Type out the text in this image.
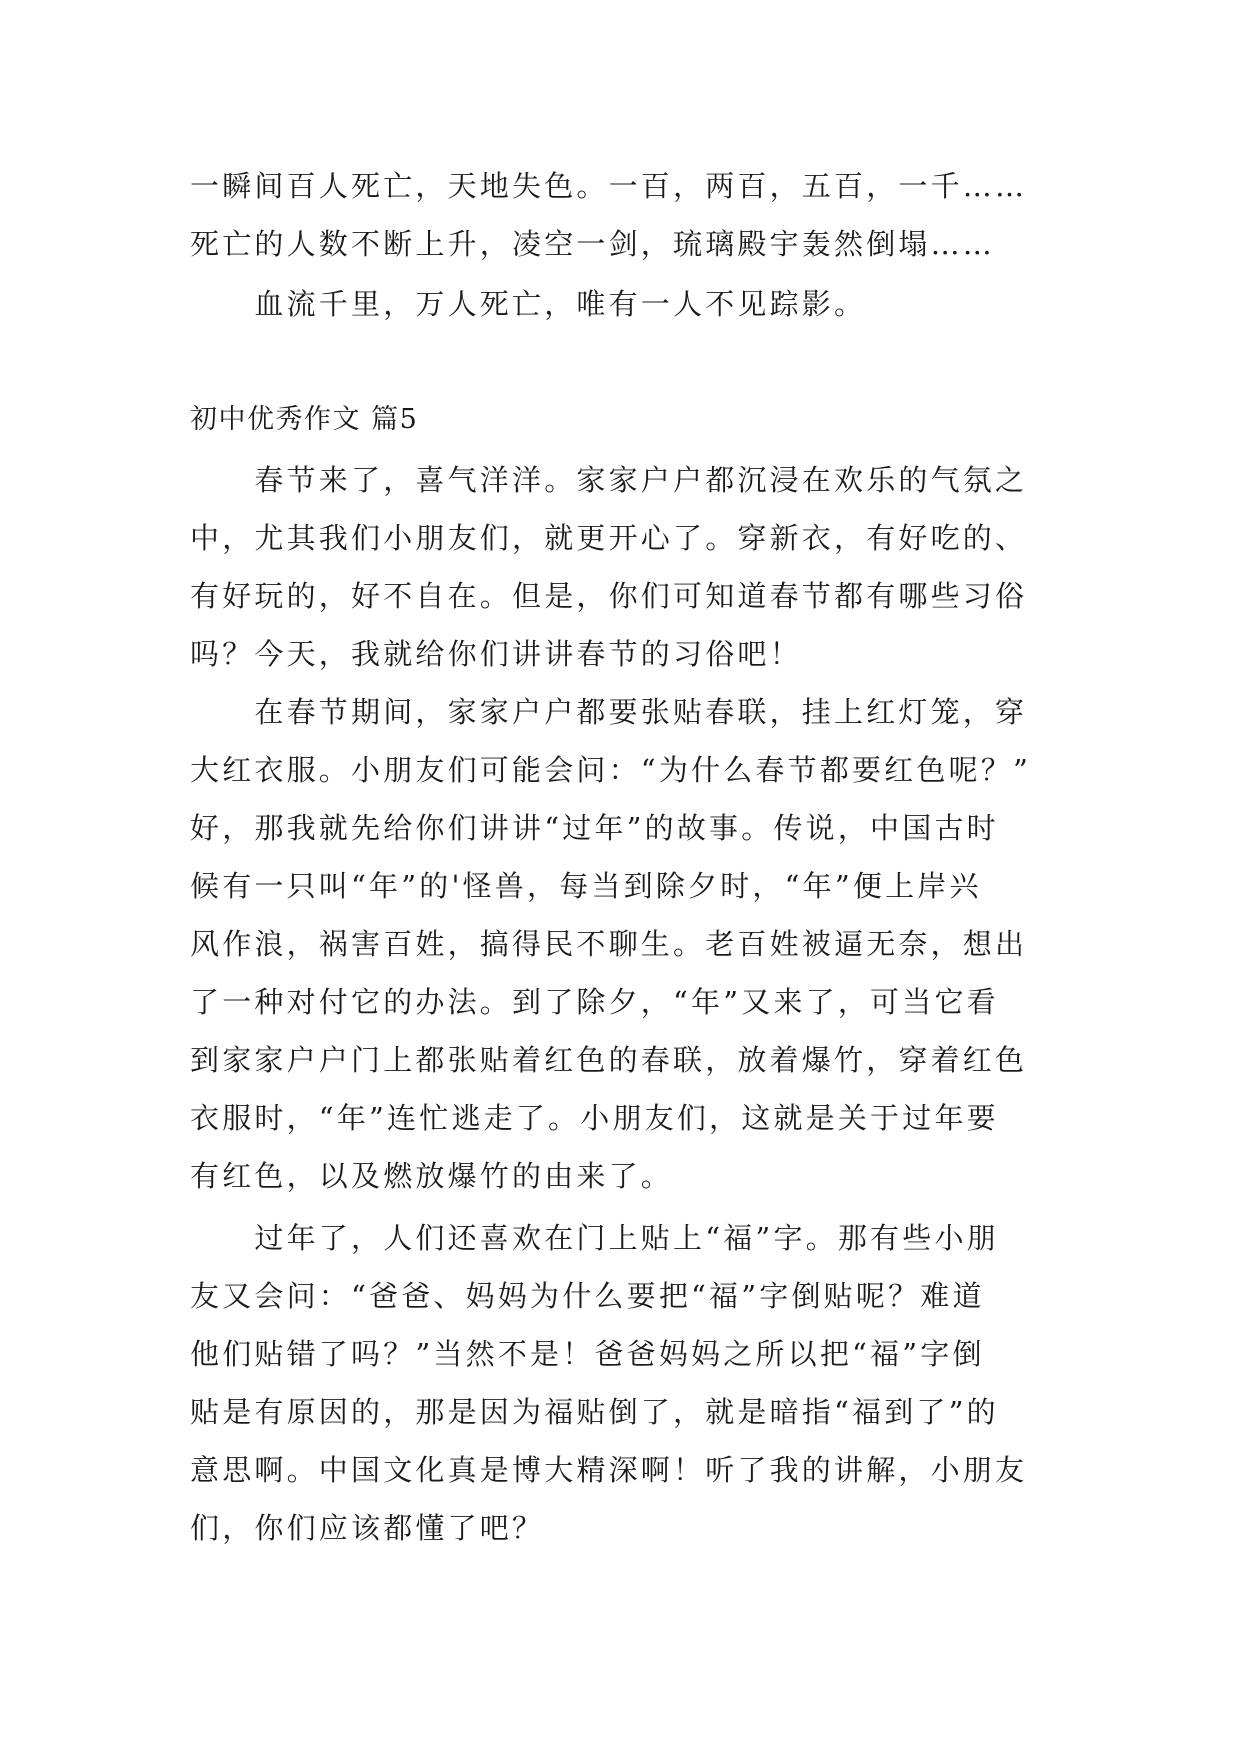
一瞬间百人死亡，天地失色。一百，两百，五百，一千……
死亡的人数不断上升，凌空一剑，琉璃殿宇轰然倒塌……
　　血流千里，万人死亡，唯有一人不见踪影。
初中优秀作文 篇5
　　春节来了，喜气洋洋。家家户户都沉浸在欢乐的气氛之
中，尤其我们小朋友们，就更开心了。穿新衣，有好吃的、
有好玩的，好不自在。但是，你们可知道春节都有哪些习俗
吗？今天，我就给你们讲讲春节的习俗吧！
　　在春节期间，家家户户都要张贴春联，挂上红灯笼，穿
大红衣服。小朋友们可能会问：“为什么春节都要红色呢？”
好，那我就先给你们讲讲“过年”的故事。传说，中国古时
候有一只叫“年”的'怪兽，每当到除夕时，“年”便上岸兴
风作浪，祸害百姓，搞得民不聊生。老百姓被逼无奈，想出
了一种对付它的办法。到了除夕，“年”又来了，可当它看
到家家户户门上都张贴着红色的春联，放着爆竹，穿着红色
衣服时，“年”连忙逃走了。小朋友们，这就是关于过年要
有红色，以及燃放爆竹的由来了。
　　过年了，人们还喜欢在门上贴上“福”字。那有些小朋
友又会问：“爸爸、妈妈为什么要把“福”字倒贴呢？难道
他们贴错了吗？”当然不是！爸爸妈妈之所以把“福”字倒
贴是有原因的，那是因为福贴倒了，就是暗指“福到了”的
意思啊。中国文化真是博大精深啊！听了我的讲解，小朋友
们，你们应该都懂了吧？
